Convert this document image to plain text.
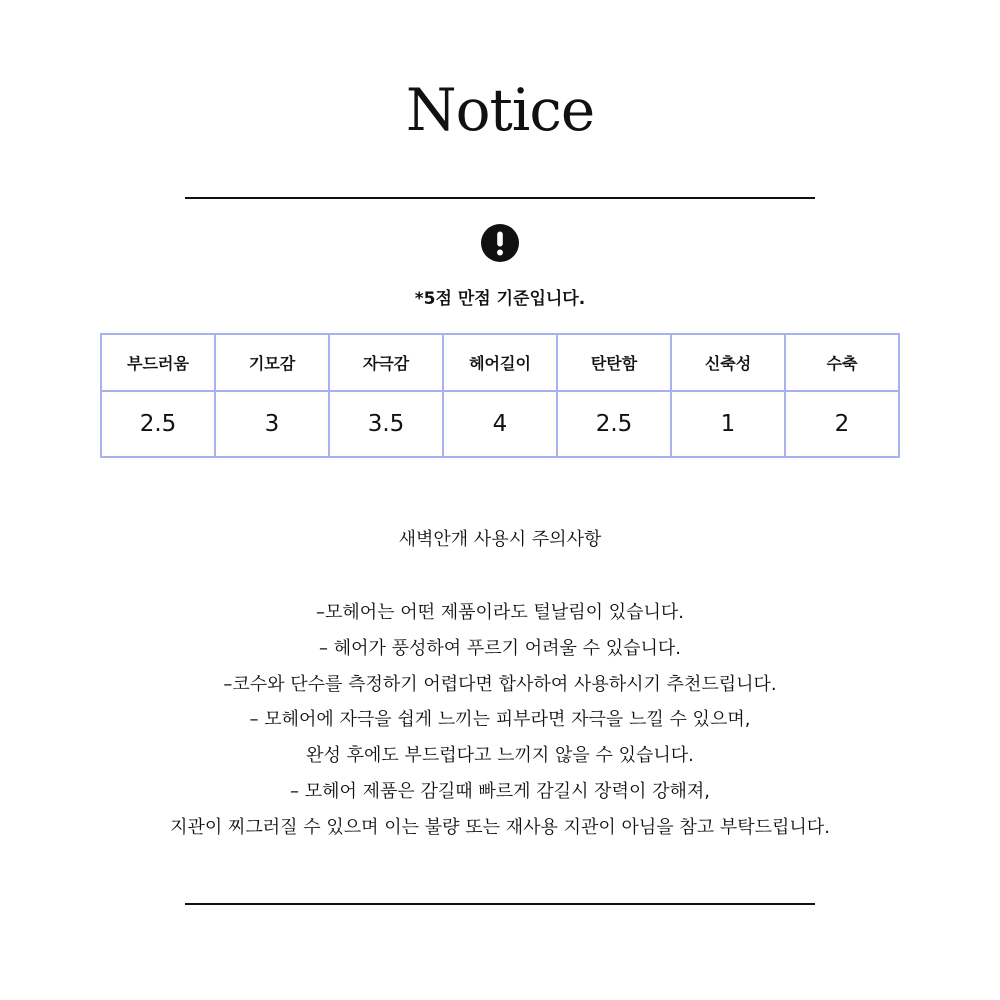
Notice
*5점 만점 기준입니다.
부드러움	기모감	자극감	헤어길이	탄탄함	신축성	수축
2.5	3	3.5	4	2.5	1	2
새벽안개 사용시 주의사항
–모헤어는 어떤 제품이라도 털날림이 있습니다.
– 헤어가 풍성하여 푸르기 어려울 수 있습니다.
–코수와 단수를 측정하기 어렵다면 합사하여 사용하시기 추천드립니다.
– 모헤어에 자극을 쉽게 느끼는 피부라면 자극을 느낄 수 있으며,
완성 후에도 부드럽다고 느끼지 않을 수 있습니다.
– 모헤어 제품은 감길때 빠르게 감길시 장력이 강해져,
지관이 찌그러질 수 있으며 이는 불량 또는 재사용 지관이 아님을 참고 부탁드립니다.
